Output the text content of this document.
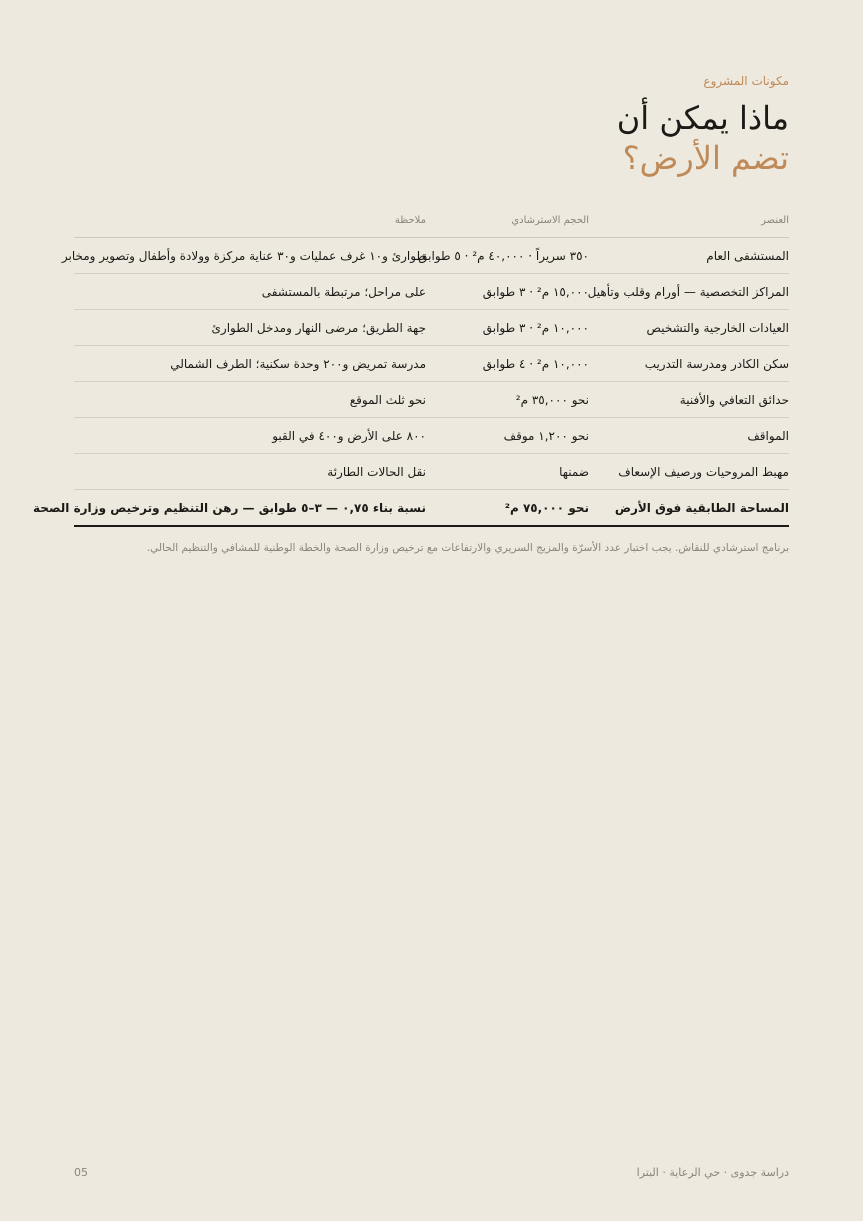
مكونات المشروع
ماذا يمكن أن
تضم الأرض؟
العنصر	الحجم الاسترشادي	ملاحظة
المستشفى العام	٣٥٠ سريراً · ٤٠,٠٠٠ م² · ٥ طوابق	طوارئ و١٠ غرف عمليات و٣٠ عناية مركزة وولادة وأطفال وتصوير ومخابر
المراكز التخصصية — أورام وقلب وتأهيل	١٥,٠٠٠ م² · ٣ طوابق	على مراحل؛ مرتبطة بالمستشفى
العيادات الخارجية والتشخيص	١٠,٠٠٠ م² · ٣ طوابق	جهة الطريق؛ مرضى النهار ومدخل الطوارئ
سكن الكادر ومدرسة التدريب	١٠,٠٠٠ م² · ٤ طوابق	مدرسة تمريض و٢٠٠ وحدة سكنية؛ الطرف الشمالي
حدائق التعافي والأفنية	نحو ٣٥,٠٠٠ م²	نحو ثلث الموقع
المواقف	نحو ١,٢٠٠ موقف	٨٠٠ على الأرض و٤٠٠ في القبو
مهبط المروحيات ورصيف الإسعاف	ضمنها	نقل الحالات الطارئة
المساحة الطابقية فوق الأرض	نحو ٧٥,٠٠٠ م²	نسبة بناء ٠,٧٥ — ٣–٥ طوابق — رهن التنظيم وترخيص وزارة الصحة

برنامج استرشادي للنقاش. يجب اختبار عدد الأسرّة والمزيج السريري والارتفاعات مع ترخيص وزارة الصحة والخطة الوطنية للمشافي والتنظيم الحالي.

دراسة جدوى · حي الرعاية · البترا
05
